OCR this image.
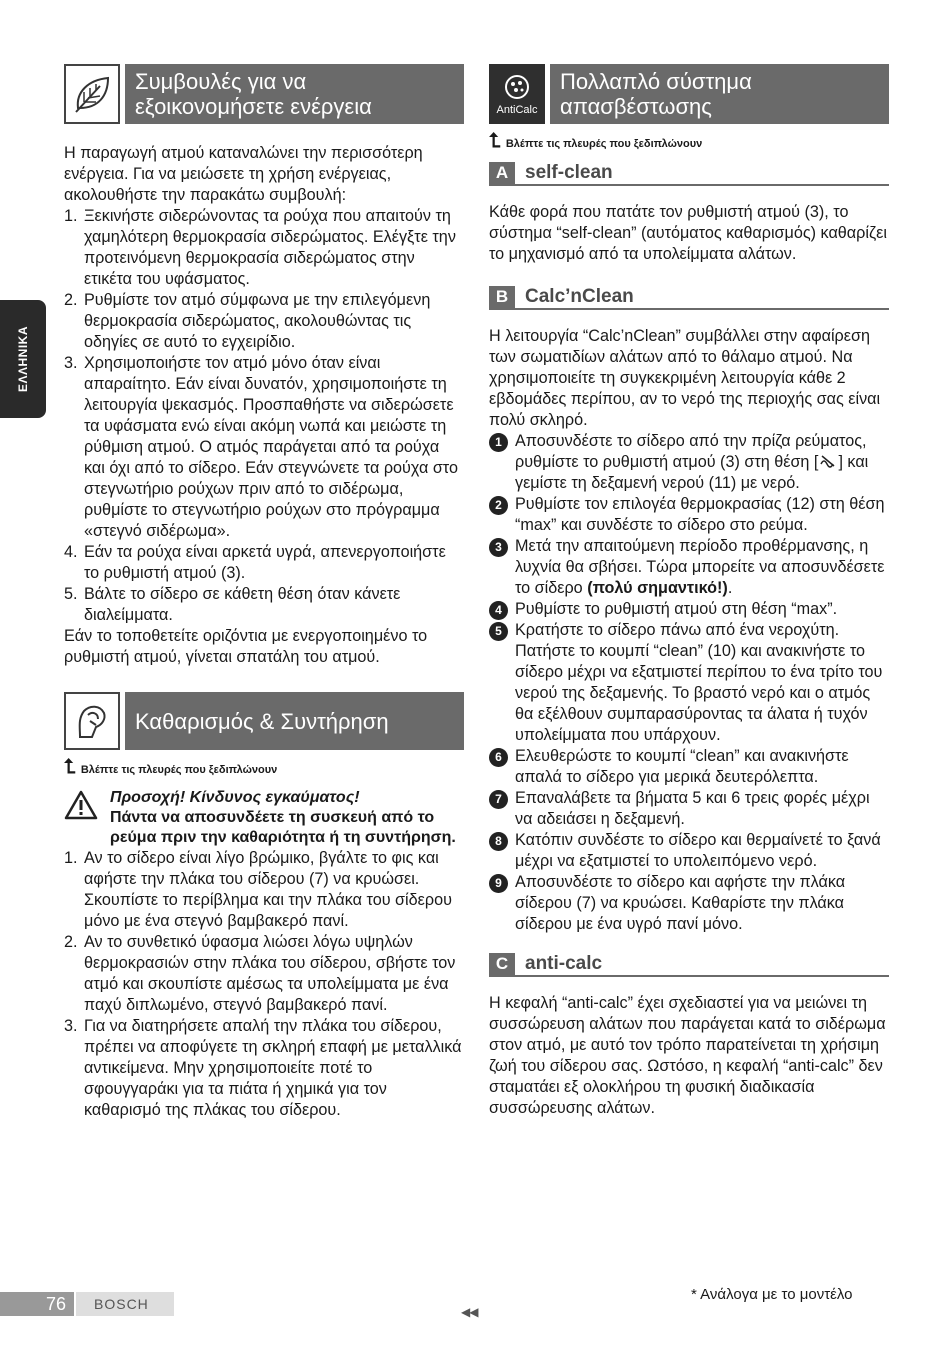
ΕΛΛΗΝΙΚΑ
Συμβουλές για να
εξοικονομήσετε ενέργεια

Η παραγωγή ατμού καταναλώνει την περισσότερη ενέργεια. Για να μειώσετε τη χρήση ενέργειας, ακολουθήστε την παρακάτω συμβουλή:

1. Ξεκινήστε σιδερώνοντας τα ρούχα που απαιτούν τη χαμηλότερη θερμοκρασία σιδερώματος. Ελέγξτε την προτεινόμενη θερμοκρασία σιδερώματος στην ετικέτα του υφάσματος.
2. Ρυθμίστε τον ατμό σύμφωνα με την επιλεγόμενη θερμοκρασία σιδερώματος, ακολουθώντας τις οδηγίες σε αυτό το εγχειρίδιο.
3. Χρησιμοποιήστε τον ατμό μόνο όταν είναι απαραίτητο. Εάν είναι δυνατόν, χρησιμοποιήστε τη λειτουργία ψεκασμός. Προσπαθήστε να σιδερώσετε τα υφάσματα ενώ είναι ακόμη νωπά και μειώστε τη ρύθμιση ατμού. Ο ατμός παράγεται από τα ρούχα και όχι από το σίδερο. Εάν στεγνώνετε τα ρούχα στο στεγνωτήριο ρούχων πριν από το σιδέρωμα, ρυθμίστε το στεγνωτήριο ρούχων στο πρόγραμμα «στεγνό σιδέρωμα».
4. Εάν τα ρούχα είναι αρκετά υγρά, απενεργοποιήστε το ρυθμιστή ατμού (3).
5. Βάλτε το σίδερο σε κάθετη θέση όταν κάνετε διαλείμματα.

Εάν το τοποθετείτε οριζόντια με ενεργοποιημένο το ρυθμιστή ατμού, γίνεται σπατάλη του ατμού.

Καθαρισμός & Συντήρηση
⮤ Βλέπτε τις πλευρές που ξεδιπλώνουν
Προσοχή! Κίνδυνος εγκαύματος!
Πάντα να αποσυνδέετε τη συσκευή από το ρεύμα πριν την καθαριότητα ή τη συντήρηση.
1. Αν το σίδερο είναι λίγο βρώμικο, βγάλτε το φις και αφήστε την πλάκα του σίδερου (7) να κρυώσει. Σκουπίστε το περίβλημα και την πλάκα του σίδερου μόνο με ένα στεγνό βαμβακερό πανί.
2. Αν το συνθετικό ύφασμα λιώσει λόγω υψηλών θερμοκρασιών στην πλάκα του σίδερου, σβήστε τον ατμό και σκουπίστε αμέσως τα υπολείμματα με ένα παχύ διπλωμένο, στεγνό βαμβακερό πανί.
3. Για να διατηρήσετε απαλή την πλάκα του σίδερου, πρέπει να αποφύγετε τη σκληρή επαφή με μεταλλικά αντικείμενα. Μην χρησιμοποιείτε ποτέ το σφουγγαράκι για τα πιάτα ή χημικά για τον καθαρισμό της πλάκας του σίδερου.
AntiCalc
Πολλαπλό σύστημα
απασβέστωσης
⮤ Βλέπτε τις πλευρές που ξεδιπλώνουν
A self-clean

Κάθε φορά που πατάτε τον ρυθμιστή ατμού (3), το σύστημα “self-clean” (αυτόματος καθαρισμός) καθαρίζει το μηχανισμό από τα υπολείμματα αλάτων.

B Calc’nClean

Η λειτουργία “Calc’nClean” συμβάλλει στην αφαίρεση των σωματιδίων αλάτων από το θάλαμο ατμού. Να χρησιμοποιείτε τη συγκεκριμένη λειτουργία κάθε 2 εβδομάδες περίπου, αν το νερό της περιοχής σας είναι πολύ σκληρό.

1 Αποσυνδέστε το σίδερο από την πρίζα ρεύματος, ρυθμίστε το ρυθμιστή ατμού (3) στη θέση [ ] και γεμίστε τη δεξαμενή νερού (11) με νερό.
2 Ρυθμίστε τον επιλογέα θερμοκρασίας (12) στη θέση “max” και συνδέστε το σίδερο στο ρεύμα.
3 Μετά την απαιτούμενη περίοδο προθέρμανσης, η λυχνία θα σβήσει. Τώρα μπορείτε να αποσυνδέσετε το σίδερο (πολύ σημαντικό!).
4 Ρυθμίστε το ρυθμιστή ατμού στη θέση “max”.
5 Κρατήστε το σίδερο πάνω από ένα νεροχύτη. Πατήστε το κουμπί “clean” (10) και ανακινήστε το σίδερο μέχρι να εξατμιστεί περίπου το ένα τρίτο του νερού της δεξαμενής. Το βραστό νερό και ο ατμός θα εξέλθουν συμπαρασύροντας τα άλατα ή τυχόν υπολείμματα που υπάρχουν.
6 Ελευθερώστε το κουμπί “clean” και ανακινήστε απαλά το σίδερο για μερικά δευτερόλεπτα.
7 Επαναλάβετε τα βήματα 5 και 6 τρεις φορές μέχρι να αδειάσει η δεξαμενή.
8 Κατόπιν συνδέστε το σίδερο και θερμαίνετέ το ξανά μέχρι να εξατμιστεί το υπολειπόμενο νερό.
9 Αποσυνδέστε το σίδερο και αφήστε την πλάκα σίδερου (7) να κρυώσει. Καθαρίστε την πλάκα σίδερου με ένα υγρό πανί μόνο.
C anti-calc

Η κεφαλή “anti-calc” έχει σχεδιαστεί για να μειώνει τη συσσώρευση αλάτων που παράγεται κατά το σιδέρωμα στον ατμό, με αυτό τον τρόπο παρατείνεται τη χρήσιμη ζωή του σίδερου σας. Ωστόσο, η κεφαλή “anti-calc” δεν σταματάει εξ ολοκλήρου τη φυσική διαδικασία συσσώρευσης αλάτων.

76	BOSCH	◀◀
* Ανάλογα με το μοντέλο
